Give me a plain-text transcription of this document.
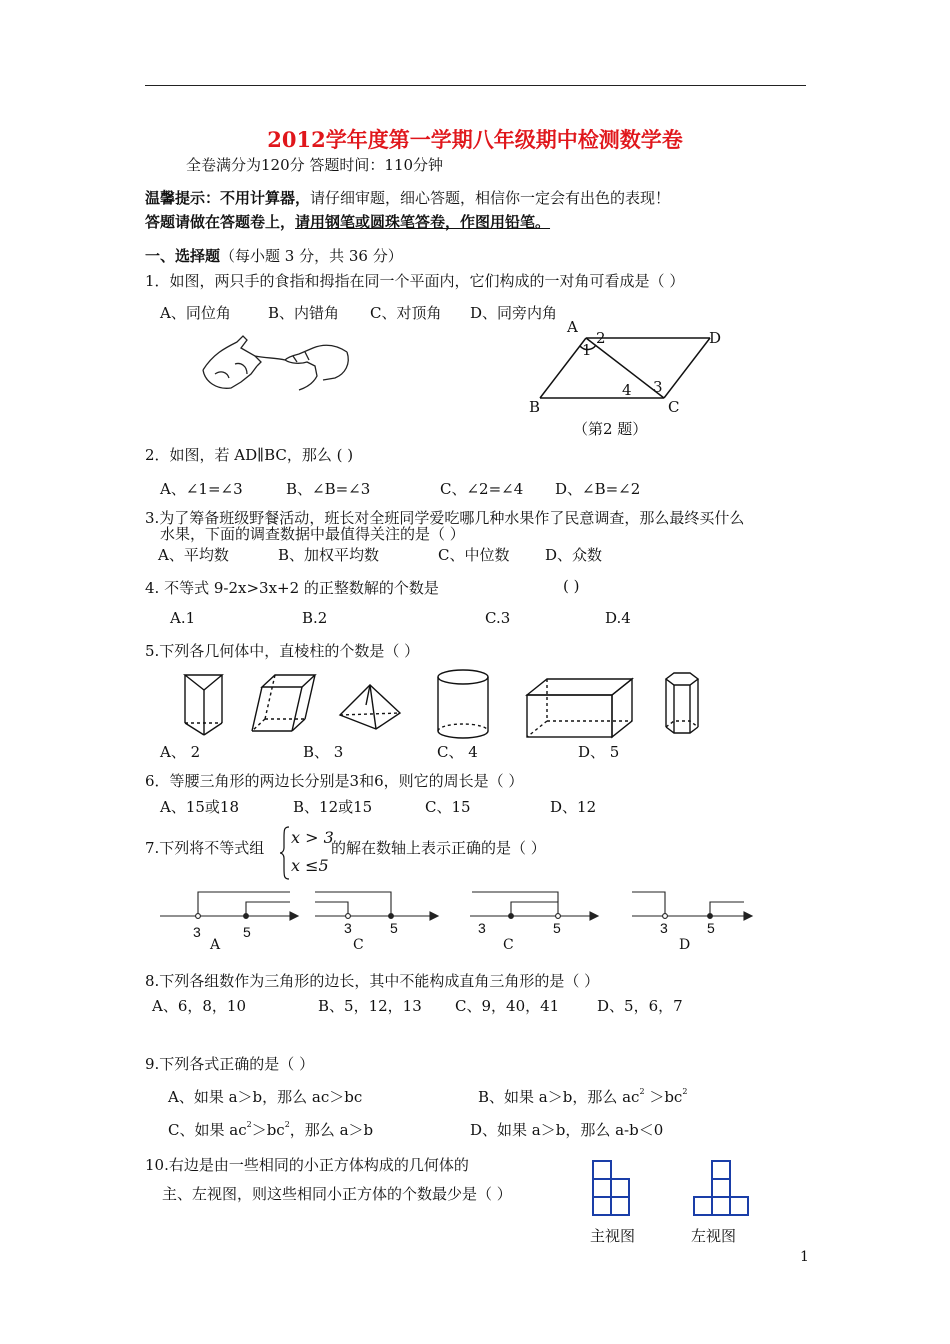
2012学年度第一学期八年级期中检测数学卷
全卷满分为120分 答题时间：110分钟
温馨提示：不用计算器，请仔细审题，细心答题，相信你一定会有出色的表现！
答题请做在答题卷上，请用钢笔或圆珠笔答卷，作图用铅笔。
一、选择题（每小题 3 分，共 36 分）
1．如图，两只手的食指和拇指在同一个平面内，它们构成的一对角可看成是（ ）
A、同位角 B、内错角 C、对顶角 D、同旁内角
A
D
B	C
1
2
3
4
（第2 题）
2．如图，若 AD∥BC，那么 ( )
A、∠1=∠3	B、∠B=∠3	C、∠2=∠4 D、∠B=∠2
3.为了筹备班级野餐活动，班长对全班同学爱吃哪几种水果作了民意调查，那么最终买什么
水果，下面的调查数据中最值得关注的是（ ）
A、平均数	B、加权平均数	C、中位数 D、众数
4. 不等式 9-2x>3x+2 的正整数解的个数是	( )
A.1	B.2	C.3	D.4
5.下列各几何体中，直棱柱的个数是（ ）
A、 2	B、 3	C、 4	D、 5
6．等腰三角形的两边长分别是3和6，则它的周长是（ ）
A、15或18	B、12或15	C、15	D、12
7.下列将不等式组
x > 3
x ≤5
的解在数轴上表示正确的是（ ）
3	5
A
3	5
C
3	5
C
3	5
D
8.下列各组数作为三角形的边长，其中不能构成直角三角形的是（ ）
A、6，8，10	B、5，12，13 C、9，40，41	D、5，6，7
9.下列各式正确的是（ ）
A、如果 a＞b，那么 ac＞bc	B、如果 a＞b，那么 $ac^2 >bc^2$
C、如果 $ac^2>bc^2$，那么 a＞b	D、如果 a＞b，那么 a-b＜0
10.右边是由一些相同的小正方体构成的几何体的
主、左视图，则这些相同小正方体的个数最少是（ ）
主视图	左视图
1
